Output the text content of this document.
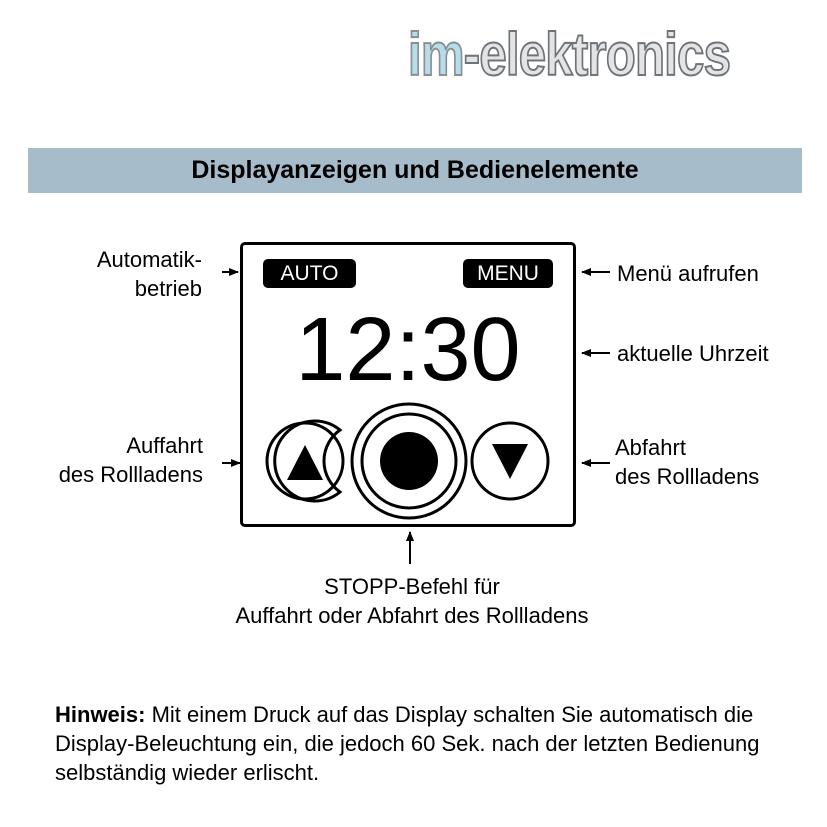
im-elektronics
Displayanzeigen und Bedienelemente
AUTO	MENU
12:30
Automatik-
betrieb
Menü aufrufen
aktuelle Uhrzeit
Auffahrt
des Rollladens
Abfahrt
des Rollladens
STOPP-Befehl für
Auffahrt oder Abfahrt des Rollladens
Hinweis: Mit einem Druck auf das Display schalten Sie automatisch die Display-Beleuchtung ein, die jedoch 60 Sek. nach der letzten Bedienung selbständig wieder erlischt.
